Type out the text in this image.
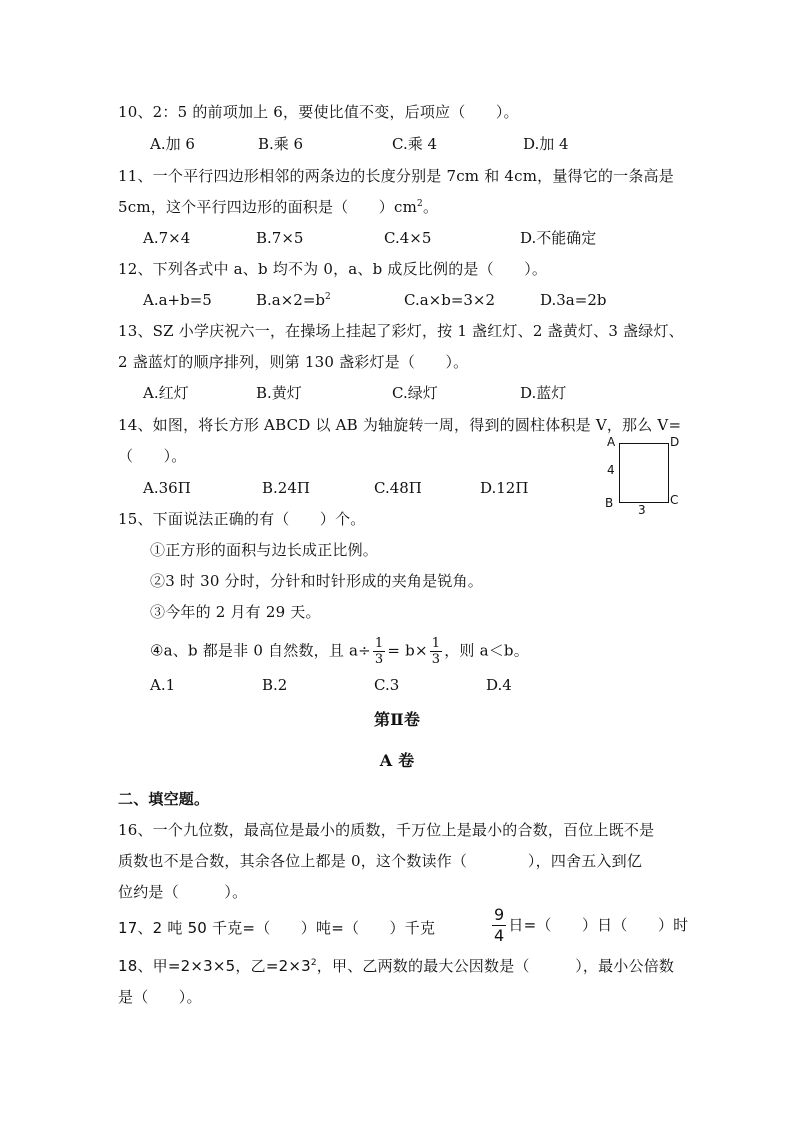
10、2：5 的前项加上 6，要使比值不变，后项应（　　）。
A.加 6	B.乘 6	C.乘 4	D.加 4
11、一个平行四边形相邻的两条边的长度分别是 7cm 和 4cm，量得它的一条高是
5cm，这个平行四边形的面积是（　　）$cm^2$。
A.7×4	B.7×5	C.4×5	D.不能确定
12、下列各式中 a、b 均不为 0，a、b 成反比例的是（　　）。
A.a+b=5	$B.a\times 2=b^2$	C.a×b=3×2	D.3a=2b
13、SZ 小学庆祝六一，在操场上挂起了彩灯，按 1 盏红灯、2 盏黄灯、3 盏绿灯、
2 盏蓝灯的顺序排列，则第 130 盏彩灯是（　　）。
A.红灯	B.黄灯	C.绿灯	D.蓝灯
14、如图，将长方形 ABCD 以 AB 为轴旋转一周，得到的圆柱体积是 V，那么 V=
（　　）。
A.36Π	B.24Π	C.48Π	D.12Π
A	D
4
B	C
3
15、下面说法正确的有（　　）个。
①正方形的面积与边长成正比例。
②3 时 30 分时，分针和时针形成的夹角是锐角。
③今年的 2 月有 29 天。
④a、b 都是非 0 自然数，且 $a\div \frac{1}{3} = b\times \frac{1}{3}$ ，则 a＜b。
A.1	B.2	C.3	D.4
第Ⅱ卷
A 卷
二、填空题。
16、一个九位数，最高位是最小的质数，千万位上是最小的合数，百位上既不是
质数也不是合数，其余各位上都是 0，这个数读作（　　　　），四舍五入到亿
位约是（　　　）。
17、2 吨 50 千克=（　　）吨=（　　）千克	$\frac{9}{4}$ 日=（　　）日（　　）时
18、甲=2×3×5，乙$=2\times 3^2$，甲、乙两数的最大公因数是（　　　），最小公倍数
是（　　）。
